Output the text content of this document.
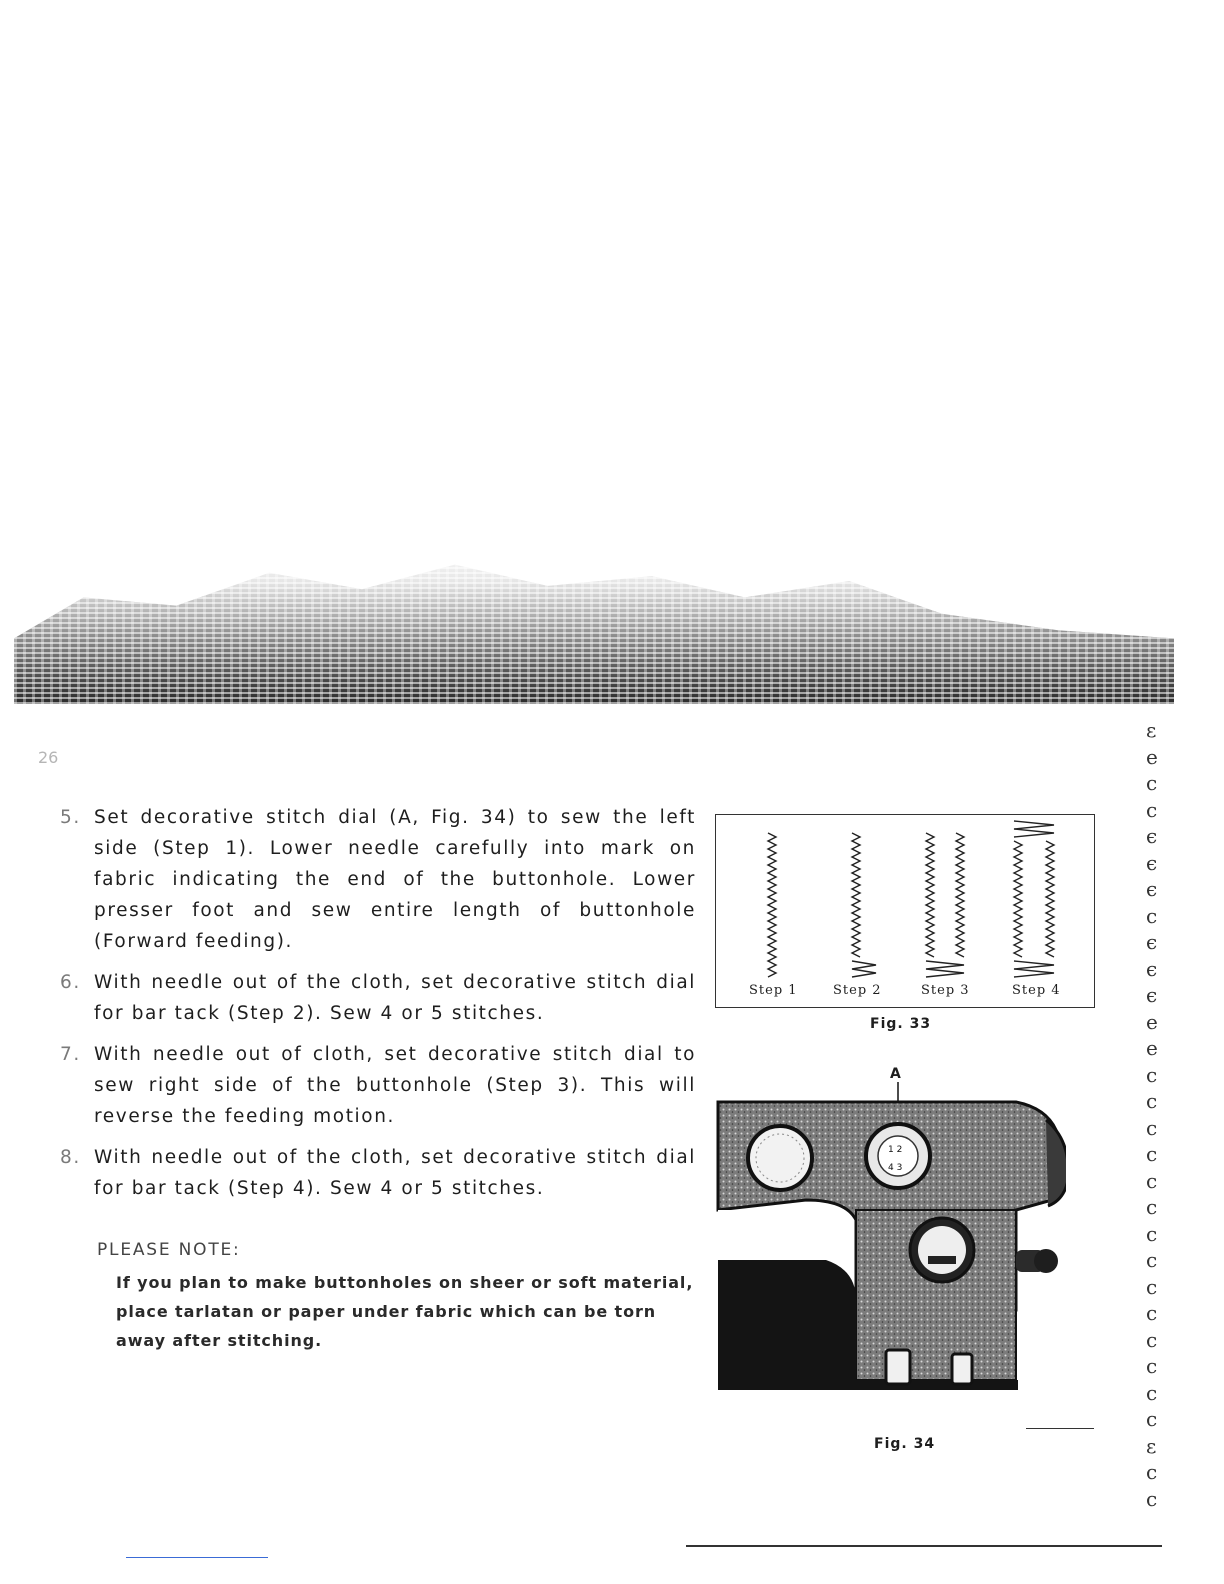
26
5. Set decorative stitch dial (A, Fig. 34) to sew the left side (Step 1). Lower needle carefully into mark on fabric indicating the end of the buttonhole. Lower presser foot and sew entire length of buttonhole (Forward feeding).
6. With needle out of the cloth, set decorative stitch dial for bar tack (Step 2). Sew 4 or 5 stitches.
7. With needle out of cloth, set decorative stitch dial to sew right side of the buttonhole (Step 3). This will reverse the feeding motion.
8. With needle out of the cloth, set decorative stitch dial for bar tack (Step 4). Sew 4 or 5 stitches.
PLEASE NOTE:
If you plan to make buttonholes on sheer or soft material, place tarlatan or paper under fabric which can be torn away after stitching.
Step 1	Step 2	Step 3	Step 4
Fig. 33
A
1 2
4 3
Fig. 34
ε
e
c
c
ϵ
ϵ
ϵ
c
ϵ
ϵ
ϵ
e
e
c
c
c
c
c
c
c
c
c
c
c
c
c
c
ε
c
c
